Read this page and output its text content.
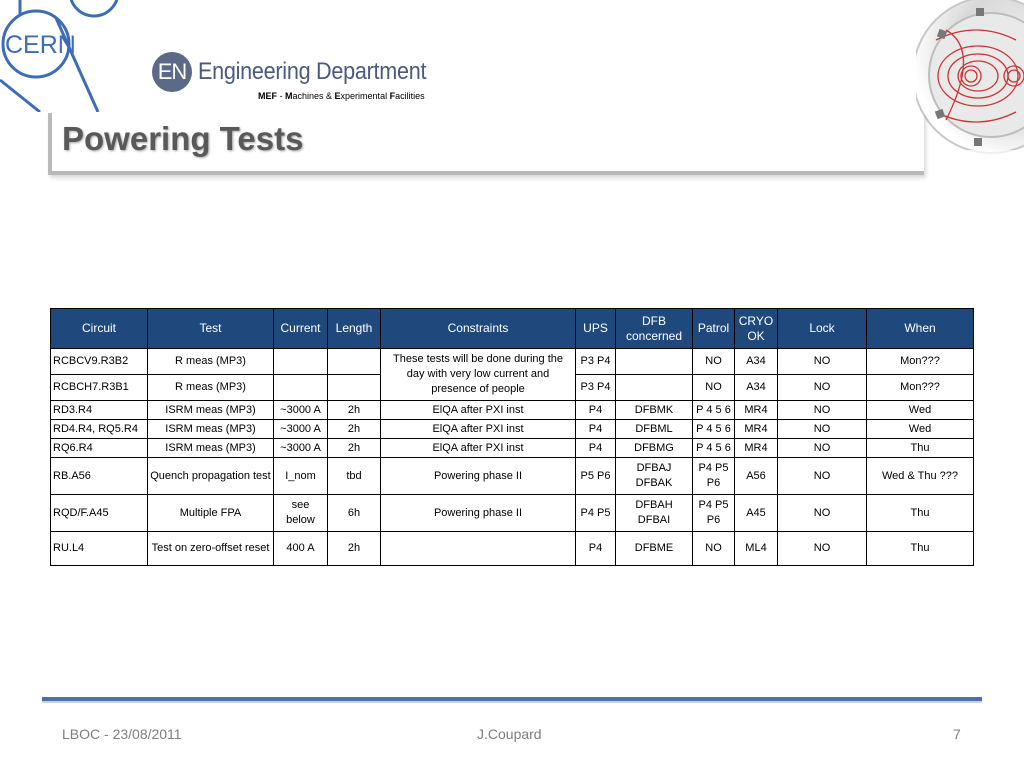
CERN
EN Engineering Department
MEF - Machines & Experimental Facilities
Powering Tests
Circuit	Test	Current	Length	Constraints	UPS	DFB concerned	Patrol	CRYO OK	Lock	When
RCBCV9.R3B2	R meas (MP3)			These tests will be done during the day with very low current and presence of people	P3 P4		NO	A34	NO	Mon???
RCBCH7.R3B1	R meas (MP3)				P3 P4		NO	A34	NO	Mon???
RD3.R4	ISRM meas (MP3)	~3000 A	2h	ElQA after PXI inst	P4	DFBMK	P 4 5 6	MR4	NO	Wed
RD4.R4, RQ5.R4	ISRM meas (MP3)	~3000 A	2h	ElQA after PXI inst	P4	DFBML	P 4 5 6	MR4	NO	Wed
RQ6.R4	ISRM meas (MP3)	~3000 A	2h	ElQA after PXI inst	P4	DFBMG	P 4 5 6	MR4	NO	Thu
RB.A56	Quench propagation test	I_nom	tbd	Powering phase II	P5 P6	DFBAJ DFBAK	P4 P5 P6	A56	NO	Wed & Thu ???
RQD/F.A45	Multiple FPA	see below	6h	Powering phase II	P4 P5	DFBAH DFBAI	P4 P5 P6	A45	NO	Thu
RU.L4	Test on zero-offset reset	400 A	2h		P4	DFBME	NO	ML4	NO	Thu
LBOC - 23/08/2011	J.Coupard	7
